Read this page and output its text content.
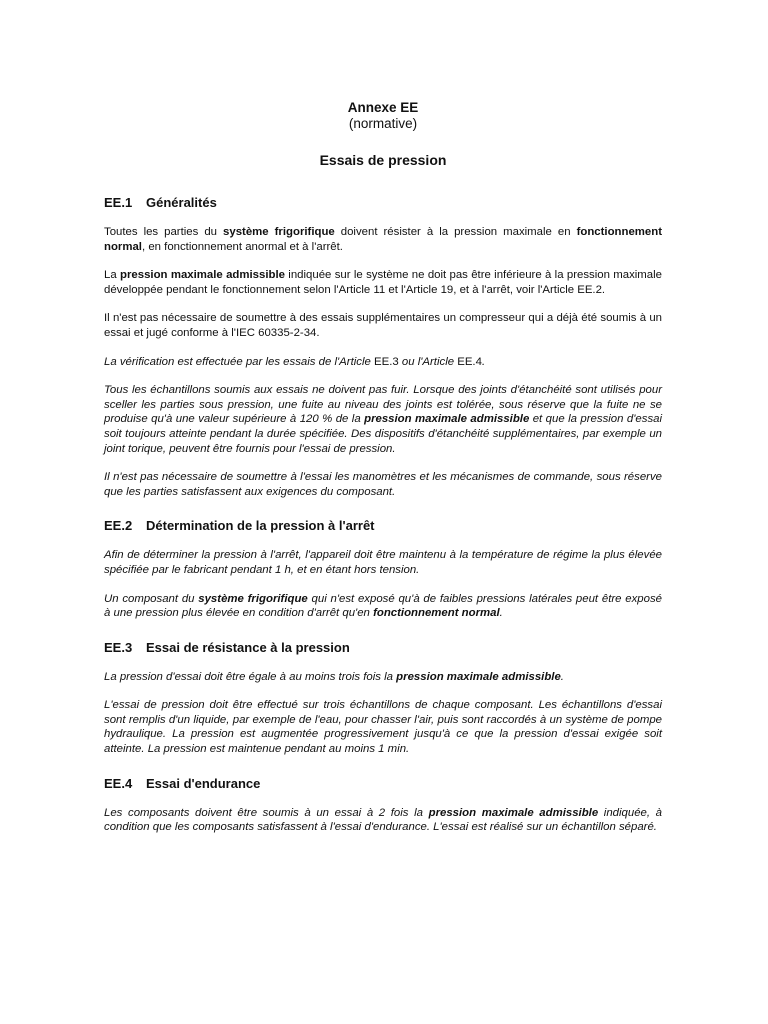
Annexe EE
(normative)
Essais de pression
EE.1 Généralités

Toutes les parties du système frigorifique doivent résister à la pression maximale en fonctionnement normal, en fonctionnement anormal et à l'arrêt.

La pression maximale admissible indiquée sur le système ne doit pas être inférieure à la pression maximale développée pendant le fonctionnement selon l'Article 11 et l'Article 19, et à l'arrêt, voir l'Article EE.2.

Il n'est pas nécessaire de soumettre à des essais supplémentaires un compresseur qui a déjà été soumis à un essai et jugé conforme à l'IEC 60335-2-34.

La vérification est effectuée par les essais de l'Article EE.3 ou l'Article EE.4.

Tous les échantillons soumis aux essais ne doivent pas fuir. Lorsque des joints d'étanchéité sont utilisés pour sceller les parties sous pression, une fuite au niveau des joints est tolérée, sous réserve que la fuite ne se produise qu'à une valeur supérieure à 120 % de la pression maximale admissible et que la pression d'essai soit toujours atteinte pendant la durée spécifiée. Des dispositifs d'étanchéité supplémentaires, par exemple un joint torique, peuvent être fournis pour l'essai de pression.

Il n'est pas nécessaire de soumettre à l'essai les manomètres et les mécanismes de commande, sous réserve que les parties satisfassent aux exigences du composant.

EE.2 Détermination de la pression à l'arrêt

Afin de déterminer la pression à l'arrêt, l'appareil doit être maintenu à la température de régime la plus élevée spécifiée par le fabricant pendant 1 h, et en étant hors tension.

Un composant du système frigorifique qui n'est exposé qu'à de faibles pressions latérales peut être exposé à une pression plus élevée en condition d'arrêt qu'en fonctionnement normal.

EE.3 Essai de résistance à la pression

La pression d'essai doit être égale à au moins trois fois la pression maximale admissible.

L'essai de pression doit être effectué sur trois échantillons de chaque composant. Les échantillons d'essai sont remplis d'un liquide, par exemple de l'eau, pour chasser l'air, puis sont raccordés à un système de pompe hydraulique. La pression est augmentée progressivement jusqu'à ce que la pression d'essai exigée soit atteinte. La pression est maintenue pendant au moins 1 min.

EE.4 Essai d'endurance

Les composants doivent être soumis à un essai à 2 fois la pression maximale admissible indiquée, à condition que les composants satisfassent à l'essai d'endurance. L'essai est réalisé sur un échantillon séparé.
